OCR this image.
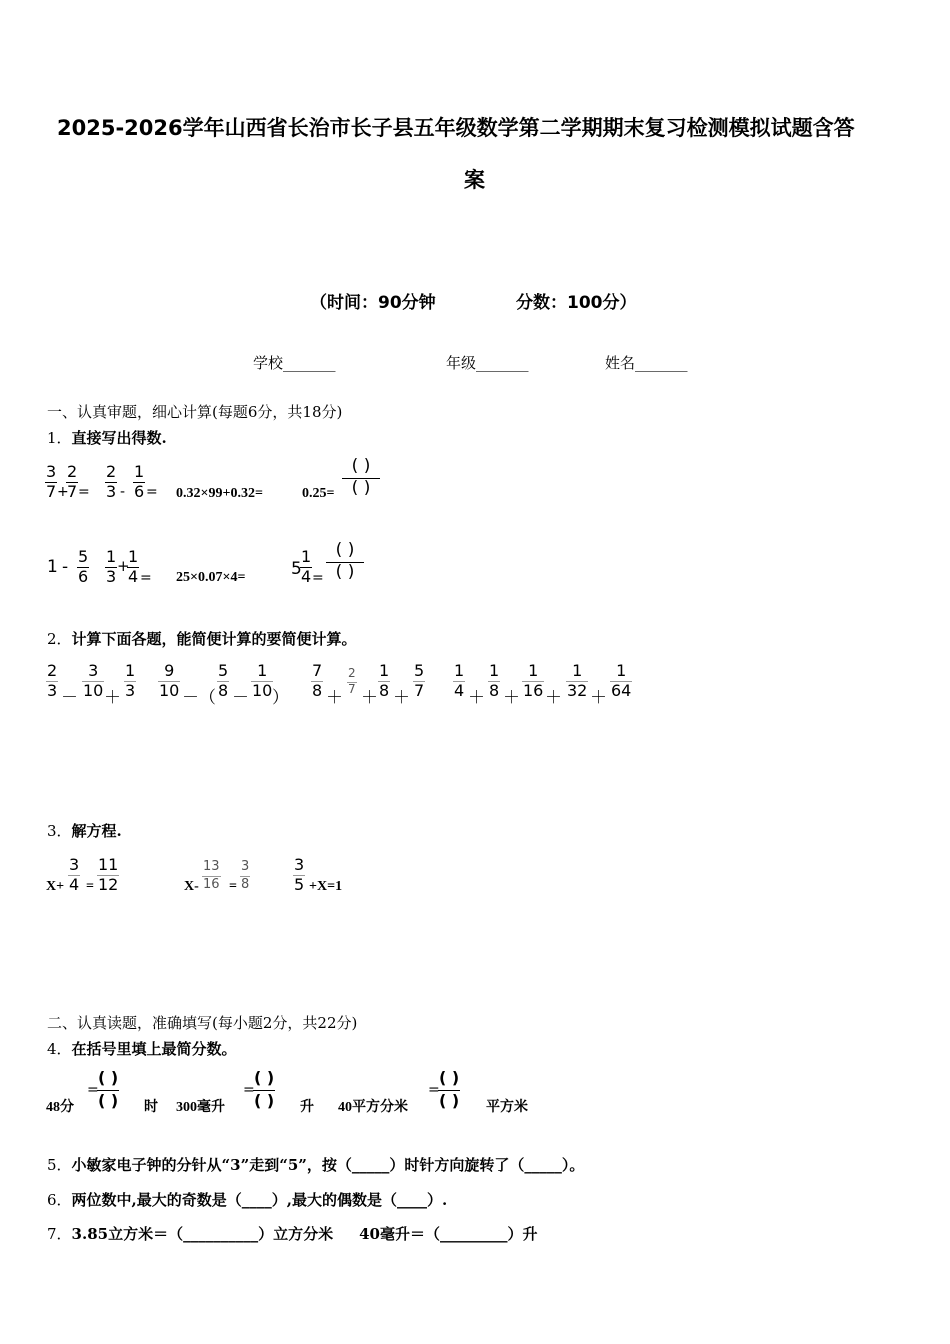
2025-2026学年山西省长治市长子县五年级数学第二学期期末复习检测模拟试题含答
案
（时间：90分钟	分数：100分）
学校_______	年级_______	姓名_______
一、认真审题，细心计算(每题6分，共18分)
1．直接写出得数.
$\frac{3}{7}$ +
$\frac{2}{7} = \frac{2}{3} - \frac{1}{6} = 0.32\times 99+0.32=$	0.25=
( )
( )
$1 - \frac{5}{6} \frac{1}{3}$ +
$\frac{1}{4} = 25\times 0.07\times 4=$	5
$\frac{1}{4}$ =
( )
( )
2．计算下面各题，能简便计算的要简便计算。
$\frac{2}{3} - \frac{3}{10} + \frac{1}{3} \frac{9}{10}$ －（ $\frac{5}{8} - \frac{1}{10}$
） $\frac{7}{8}$ ＋
$\frac{2}{7}$
＋ $\frac{1}{8} + \frac{5}{7} \frac{1}{4} + \frac{1}{8} + \frac{1}{16} + \frac{1}{32} + \frac{1}{64}$
3．解方程.
$X+ \frac{3}{4} = \frac{11}{12}$	$X- \frac{13}{16} = \frac{3}{8}$	$\frac{3}{5} +X=1$
二、认真读题，准确填写(每小题2分，共22分)
4．在括号里填上最简分数。
48分
=
( )
( ) 时 300毫升
=
( )
( ) 升 40平方分米
=
( )
( ) 平方米
5．小敏家电子钟的分针从“3”走到“5”，按（_____）时针方向旋转了（_____）。
6．两位数中,最大的奇数是（____）,最大的偶数是（____）.
7．3.85立方米＝（__________）立方分米 40毫升＝（_________）升
